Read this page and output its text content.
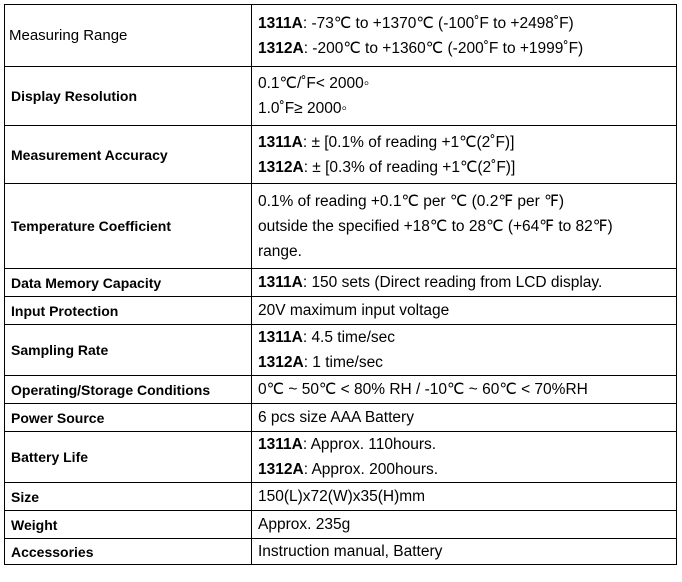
Measuring Range	1311A: -73℃ to +1370℃ (-100˚F to +2498˚F)
1312A: -200℃ to +1360℃ (-200˚F to +1999˚F)

Display Resolution	0.1℃/˚F< 2000◦
1.0˚F≥ 2000◦

Measurement Accuracy	1311A: ± [0.1% of reading +1℃(2˚F)]
1312A: ± [0.3% of reading +1℃(2˚F)]

Temperature Coefficient	0.1% of reading +0.1℃ per ℃ (0.2℉ per ℉)
outside the specified +18℃ to 28℃ (+64℉ to 82℉)
range.

Data Memory Capacity	1311A: 150 sets (Direct reading from LCD display.

Input Protection	20V maximum input voltage

Sampling Rate	1311A: 4.5 time/sec
1312A: 1 time/sec

Operating/Storage Conditions	0℃ ~ 50℃ < 80% RH / -10℃ ~ 60℃ < 70%RH

Power Source	6 pcs size AAA Battery

Battery Life	1311A: Approx. 110hours.
1312A: Approx. 200hours.

Size	150(L)x72(W)x35(H)mm

Weight	Approx. 235g

Accessories	Instruction manual, Battery
